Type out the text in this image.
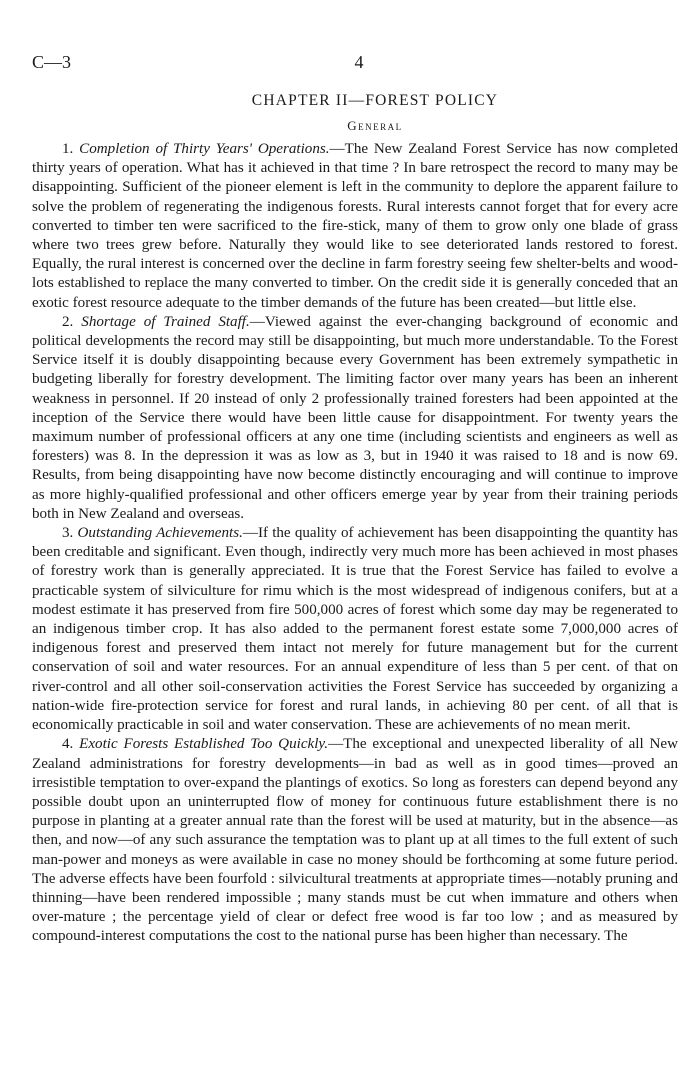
C—3	4
CHAPTER II—FOREST POLICY
General

1. Completion of Thirty Years' Operations.—The New Zealand Forest Service has now completed thirty years of operation. What has it achieved in that time ? In bare retrospect the record to many may be disappointing. Sufficient of the pioneer element is left in the community to deplore the apparent failure to solve the problem of regenerating the indigenous forests. Rural interests cannot forget that for every acre converted to timber ten were sacrificed to the fire-stick, many of them to grow only one blade of grass where two trees grew before. Naturally they would like to see deteriorated lands restored to forest. Equally, the rural interest is concerned over the decline in farm forestry seeing few shelter-belts and wood-lots established to replace the many converted to timber. On the credit side it is generally conceded that an exotic forest resource adequate to the timber demands of the future has been created—but little else.

2. Shortage of Trained Staff.—Viewed against the ever-changing background of economic and political developments the record may still be disappointing, but much more understandable. To the Forest Service itself it is doubly disappointing because every Government has been extremely sympathetic in budgeting liberally for forestry development. The limiting factor over many years has been an inherent weakness in personnel. If 20 instead of only 2 professionally trained foresters had been appointed at the inception of the Service there would have been little cause for disappointment. For twenty years the maximum number of professional officers at any one time (including scientists and engineers as well as foresters) was 8. In the depression it was as low as 3, but in 1940 it was raised to 18 and is now 69. Results, from being disappointing have now become distinctly encouraging and will continue to improve as more highly-qualified professional and other officers emerge year by year from their training periods both in New Zealand and overseas.

3. Outstanding Achievements.—If the quality of achievement has been disappointing the quantity has been creditable and significant. Even though, indirectly very much more has been achieved in most phases of forestry work than is generally appreciated. It is true that the Forest Service has failed to evolve a practicable system of silviculture for rimu which is the most widespread of indigenous conifers, but at a modest estimate it has preserved from fire 500,000 acres of forest which some day may be regenerated to an indigenous timber crop. It has also added to the permanent forest estate some 7,000,000 acres of indigenous forest and preserved them intact not merely for future management but for the current conservation of soil and water resources. For an annual expenditure of less than 5 per cent. of that on river-control and all other soil-conservation activities the Forest Service has succeeded by organizing a nation-wide fire-protection service for forest and rural lands, in achieving 80 per cent. of all that is economically practicable in soil and water conservation. These are achievements of no mean merit.

4. Exotic Forests Established Too Quickly.—The exceptional and unexpected liberality of all New Zealand administrations for forestry developments—in bad as well as in good times—proved an irresistible temptation to over-expand the plantings of exotics. So long as foresters can depend beyond any possible doubt upon an uninterrupted flow of money for continuous future establishment there is no purpose in planting at a greater annual rate than the forest will be used at maturity, but in the absence—as then, and now—of any such assurance the temptation was to plant up at all times to the full extent of such man-power and moneys as were available in case no money should be forthcoming at some future period. The adverse effects have been fourfold : silvicultural treatments at appropriate times—notably pruning and thinning—have been rendered impossible ; many stands must be cut when immature and others when over-mature ; the percentage yield of clear or defect free wood is far too low ; and as measured by compound-interest computations the cost to the national purse has been higher than necessary. The
